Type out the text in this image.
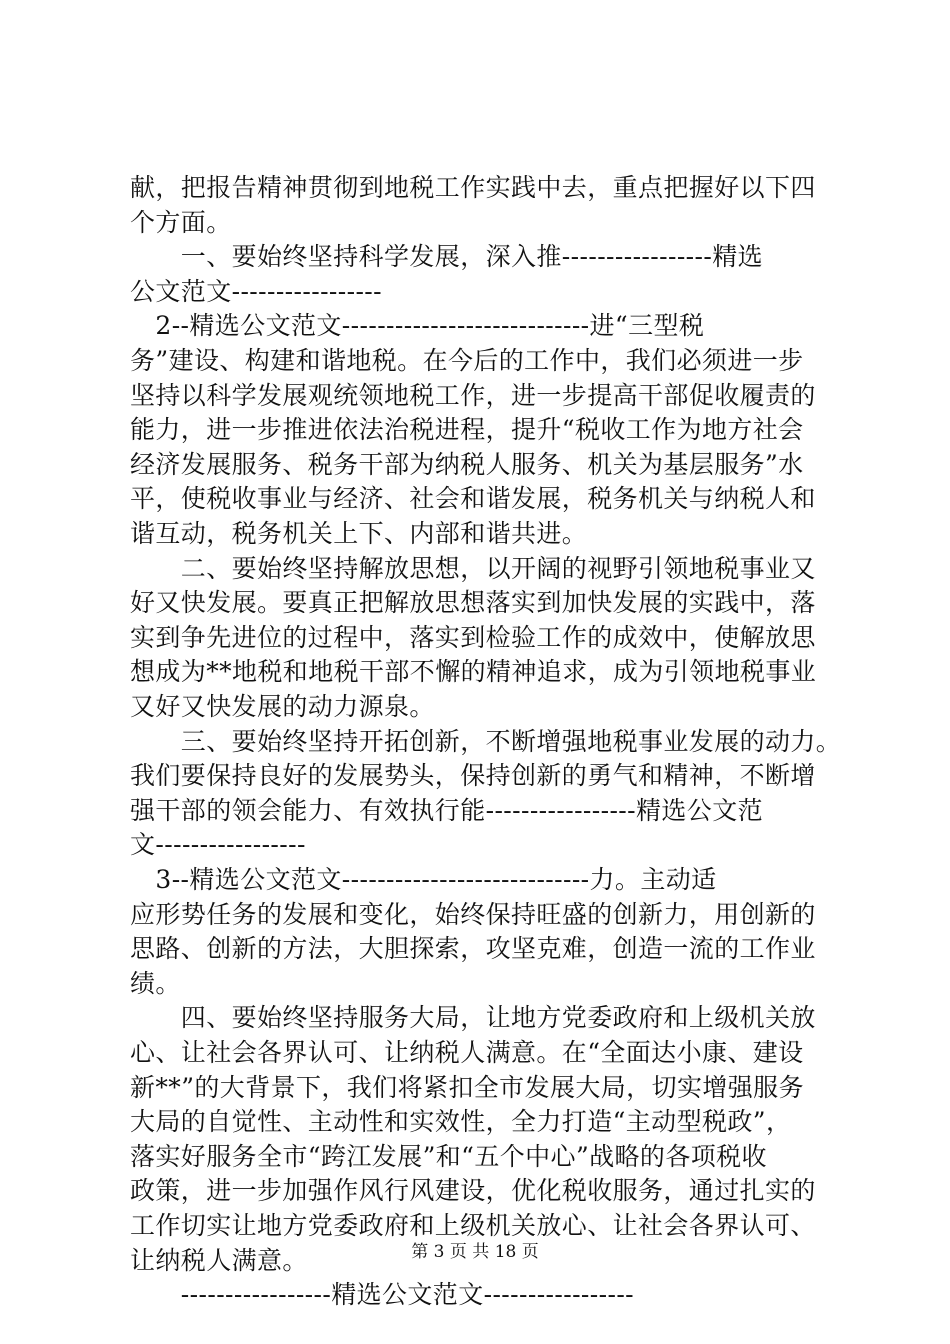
献，把报告精神贯彻到地税工作实践中去，重点把握好以下四
个方面。
　　一、要始终坚持科学发展，深入推-----------------精选
公文范文-----------------
　2--精选公文范文----------------------------进“三型税
务”建设、构建和谐地税。在今后的工作中，我们必须进一步
坚持以科学发展观统领地税工作，进一步提高干部促收履责的
能力，进一步推进依法治税进程，提升“税收工作为地方社会
经济发展服务、税务干部为纳税人服务、机关为基层服务”水
平，使税收事业与经济、社会和谐发展，税务机关与纳税人和
谐互动，税务机关上下、内部和谐共进。
　　二、要始终坚持解放思想，以开阔的视野引领地税事业又
好又快发展。要真正把解放思想落实到加快发展的实践中，落
实到争先进位的过程中，落实到检验工作的成效中，使解放思
想成为**地税和地税干部不懈的精神追求，成为引领地税事业
又好又快发展的动力源泉。
　　三、要始终坚持开拓创新，不断增强地税事业发展的动力。
我们要保持良好的发展势头，保持创新的勇气和精神，不断增
强干部的领会能力、有效执行能-----------------精选公文范
文-----------------
　3--精选公文范文----------------------------力。主动适
应形势任务的发展和变化，始终保持旺盛的创新力，用创新的
思路、创新的方法，大胆探索，攻坚克难，创造一流的工作业
绩。
　　四、要始终坚持服务大局，让地方党委政府和上级机关放
心、让社会各界认可、让纳税人满意。在“全面达小康、建设
新**”的大背景下，我们将紧扣全市发展大局，切实增强服务
大局的自觉性、主动性和实效性，全力打造“主动型税政”，
落实好服务全市“跨江发展”和“五个中心”战略的各项税收
政策，进一步加强作风行风建设，优化税收服务，通过扎实的
工作切实让地方党委政府和上级机关放心、让社会各界认可、
让纳税人满意。
　　-----------------精选公文范文-----------------
第 3 页 共 18 页
